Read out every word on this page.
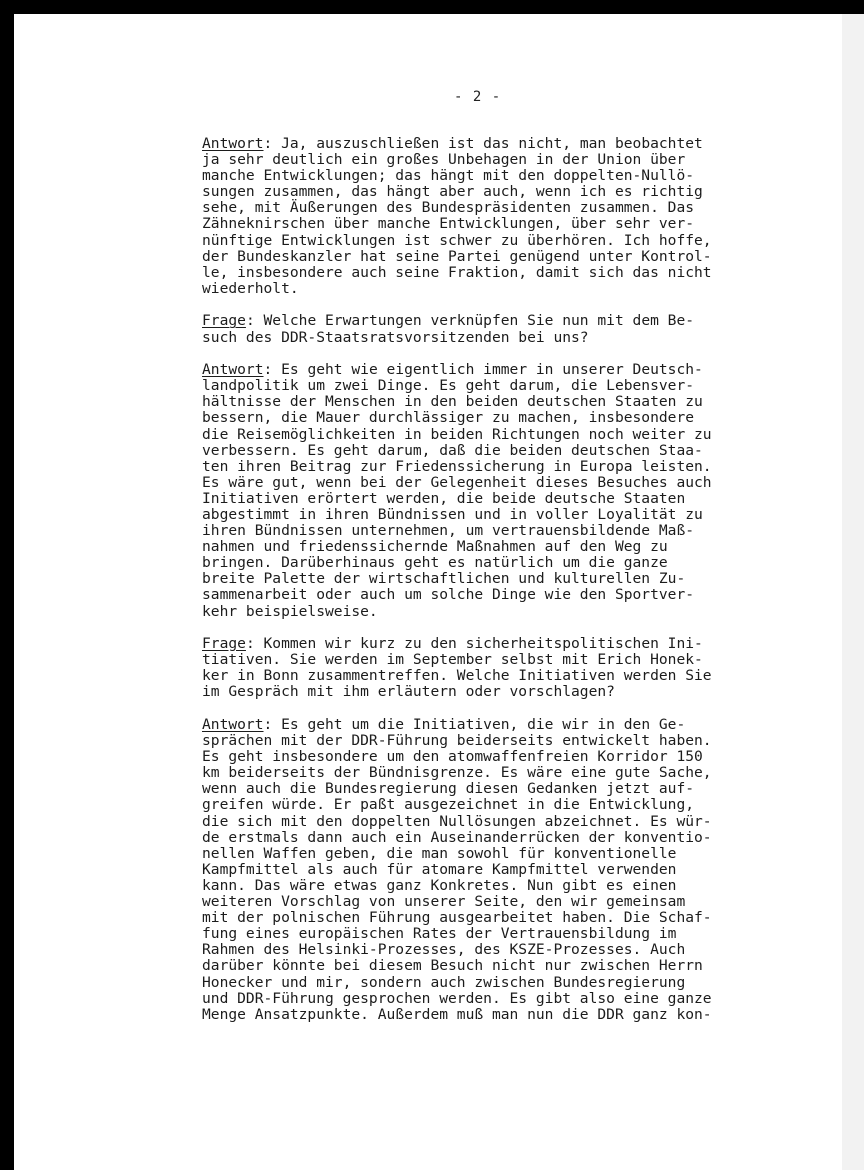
- 2 -
Antwort: Ja, auszuschließen ist das nicht, man beobachtet
ja sehr deutlich ein großes Unbehagen in der Union über
manche Entwicklungen; das hängt mit den doppelten-Nullö-
sungen zusammen, das hängt aber auch, wenn ich es richtig
sehe, mit Äußerungen des Bundespräsidenten zusammen. Das
Zähneknirschen über manche Entwicklungen, über sehr ver-
nünftige Entwicklungen ist schwer zu überhören. Ich hoffe,
der Bundeskanzler hat seine Partei genügend unter Kontrol-
le, insbesondere auch seine Fraktion, damit sich das nicht
wiederholt.
Frage: Welche Erwartungen verknüpfen Sie nun mit dem Be-
such des DDR-Staatsratsvorsitzenden bei uns?
Antwort: Es geht wie eigentlich immer in unserer Deutsch-
landpolitik um zwei Dinge. Es geht darum, die Lebensver-
hältnisse der Menschen in den beiden deutschen Staaten zu
bessern, die Mauer durchlässiger zu machen, insbesondere
die Reisemöglichkeiten in beiden Richtungen noch weiter zu
verbessern. Es geht darum, daß die beiden deutschen Staa-
ten ihren Beitrag zur Friedenssicherung in Europa leisten.
Es wäre gut, wenn bei der Gelegenheit dieses Besuches auch
Initiativen erörtert werden, die beide deutsche Staaten
abgestimmt in ihren Bündnissen und in voller Loyalität zu
ihren Bündnissen unternehmen, um vertrauensbildende Maß-
nahmen und friedenssichernde Maßnahmen auf den Weg zu
bringen. Darüberhinaus geht es natürlich um die ganze
breite Palette der wirtschaftlichen und kulturellen Zu-
sammenarbeit oder auch um solche Dinge wie den Sportver-
kehr beispielsweise.
Frage: Kommen wir kurz zu den sicherheitspolitischen Ini-
tiativen. Sie werden im September selbst mit Erich Honek-
ker in Bonn zusammentreffen. Welche Initiativen werden Sie
im Gespräch mit ihm erläutern oder vorschlagen?
Antwort: Es geht um die Initiativen, die wir in den Ge-
sprächen mit der DDR-Führung beiderseits entwickelt haben.
Es geht insbesondere um den atomwaffenfreien Korridor 150
km beiderseits der Bündnisgrenze. Es wäre eine gute Sache,
wenn auch die Bundesregierung diesen Gedanken jetzt auf-
greifen würde. Er paßt ausgezeichnet in die Entwicklung,
die sich mit den doppelten Nullösungen abzeichnet. Es wür-
de erstmals dann auch ein Auseinanderrücken der konventio-
nellen Waffen geben, die man sowohl für konventionelle
Kampfmittel als auch für atomare Kampfmittel verwenden
kann. Das wäre etwas ganz Konkretes. Nun gibt es einen
weiteren Vorschlag von unserer Seite, den wir gemeinsam
mit der polnischen Führung ausgearbeitet haben. Die Schaf-
fung eines europäischen Rates der Vertrauensbildung im
Rahmen des Helsinki-Prozesses, des KSZE-Prozesses. Auch
darüber könnte bei diesem Besuch nicht nur zwischen Herrn
Honecker und mir, sondern auch zwischen Bundesregierung
und DDR-Führung gesprochen werden. Es gibt also eine ganze
Menge Ansatzpunkte. Außerdem muß man nun die DDR ganz kon-
